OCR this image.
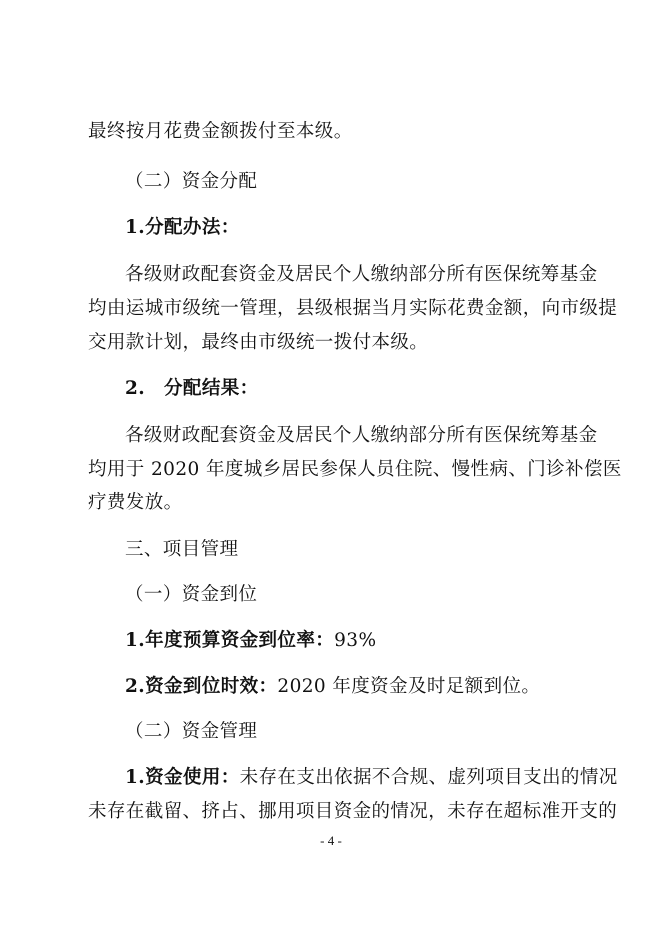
最终按月花费金额拨付至本级。
（二）资金分配
1.分配办法：
各级财政配套资金及居民个人缴纳部分所有医保统筹基金
均由运城市级统一管理，县级根据当月实际花费金额，向市级提
交用款计划，最终由市级统一拨付本级。
2.　分配结果：
各级财政配套资金及居民个人缴纳部分所有医保统筹基金
均用于 2020 年度城乡居民参保人员住院、慢性病、门诊补偿医
疗费发放。
三、项目管理
（一）资金到位
1.年度预算资金到位率：93%
2.资金到位时效：2020 年度资金及时足额到位。
（二）资金管理
1.资金使用：未存在支出依据不合规、虚列项目支出的情况
未存在截留、挤占、挪用项目资金的情况，未存在超标准开支的
- 4 -
